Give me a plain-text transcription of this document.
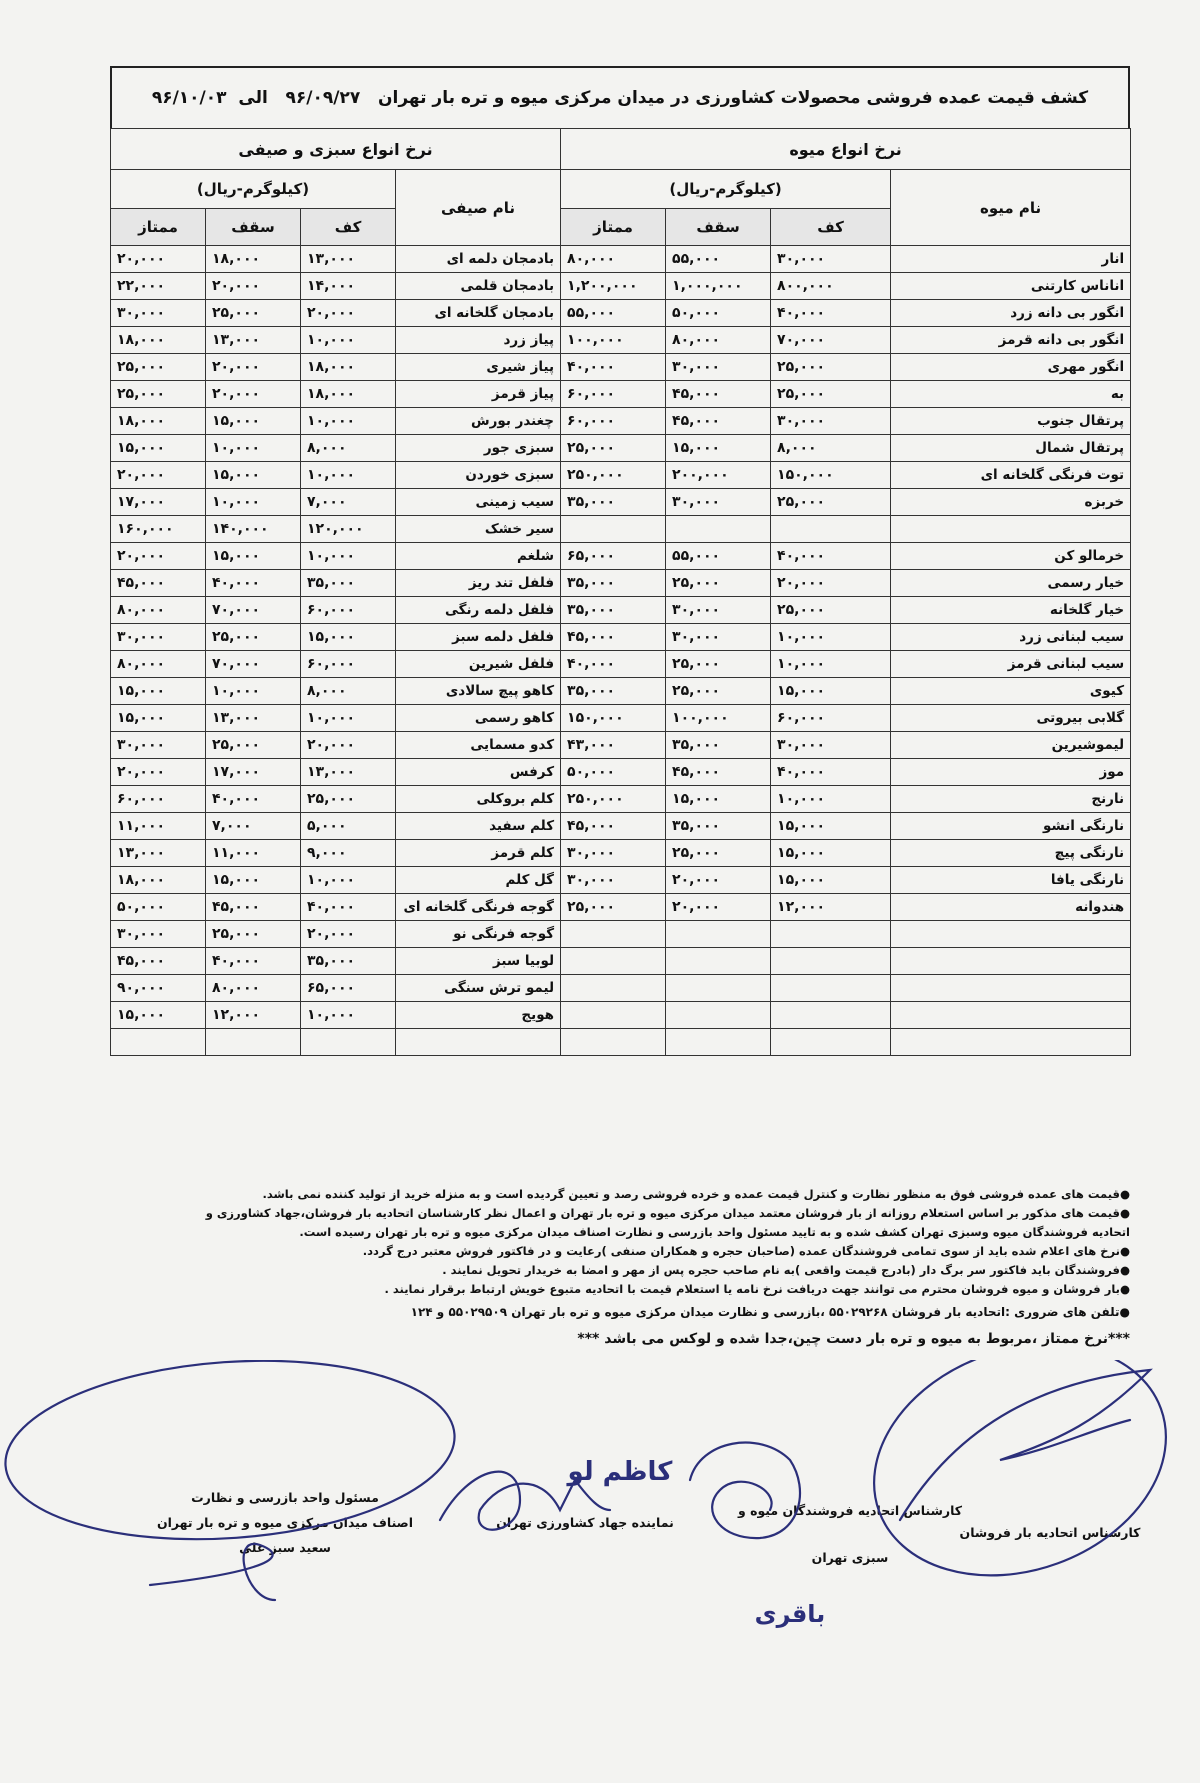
کشف قیمت عمده فروشی محصولات کشاورزی در میدان مرکزی میوه و تره بار تهران   ۹۶/۰۹/۲۷   الی  ۹۶/۱۰/۰۳
نرخ انواع سبزی و صیفی				نرخ انواع میوه			
(کیلوگرم-ریال)			نام صیفی	(کیلوگرم-ریال)			نام میوه
ممتاز	سقف	کف		ممتاز	سقف	کف	
۲۰,۰۰۰	۱۸,۰۰۰	۱۳,۰۰۰	بادمجان دلمه ای	۸۰,۰۰۰	۵۵,۰۰۰	۳۰,۰۰۰	انار
۲۲,۰۰۰	۲۰,۰۰۰	۱۴,۰۰۰	بادمجان قلمی	۱,۲۰۰,۰۰۰	۱,۰۰۰,۰۰۰	۸۰۰,۰۰۰	اناناس کارتنی
۳۰,۰۰۰	۲۵,۰۰۰	۲۰,۰۰۰	بادمجان گلخانه ای	۵۵,۰۰۰	۵۰,۰۰۰	۴۰,۰۰۰	انگور بی دانه زرد
۱۸,۰۰۰	۱۳,۰۰۰	۱۰,۰۰۰	پیاز زرد	۱۰۰,۰۰۰	۸۰,۰۰۰	۷۰,۰۰۰	انگور بی دانه قرمز
۲۵,۰۰۰	۲۰,۰۰۰	۱۸,۰۰۰	پیاز شیری	۴۰,۰۰۰	۳۰,۰۰۰	۲۵,۰۰۰	انگور مهری
۲۵,۰۰۰	۲۰,۰۰۰	۱۸,۰۰۰	پیاز قرمز	۶۰,۰۰۰	۴۵,۰۰۰	۲۵,۰۰۰	به
۱۸,۰۰۰	۱۵,۰۰۰	۱۰,۰۰۰	چغندر بورش	۶۰,۰۰۰	۴۵,۰۰۰	۳۰,۰۰۰	پرتقال جنوب
۱۵,۰۰۰	۱۰,۰۰۰	۸,۰۰۰	سبزی جور	۲۵,۰۰۰	۱۵,۰۰۰	۸,۰۰۰	پرتقال شمال
۲۰,۰۰۰	۱۵,۰۰۰	۱۰,۰۰۰	سبزی خوردن	۲۵۰,۰۰۰	۲۰۰,۰۰۰	۱۵۰,۰۰۰	توت فرنگی گلخانه ای
۱۷,۰۰۰	۱۰,۰۰۰	۷,۰۰۰	سیب زمینی	۳۵,۰۰۰	۳۰,۰۰۰	۲۵,۰۰۰	خربزه
۱۶۰,۰۰۰	۱۴۰,۰۰۰	۱۲۰,۰۰۰	سیر خشک				
۲۰,۰۰۰	۱۵,۰۰۰	۱۰,۰۰۰	شلغم	۶۵,۰۰۰	۵۵,۰۰۰	۴۰,۰۰۰	خرمالو کن
۴۵,۰۰۰	۴۰,۰۰۰	۳۵,۰۰۰	فلفل تند ریز	۳۵,۰۰۰	۲۵,۰۰۰	۲۰,۰۰۰	خیار رسمی
۸۰,۰۰۰	۷۰,۰۰۰	۶۰,۰۰۰	فلفل دلمه رنگی	۳۵,۰۰۰	۳۰,۰۰۰	۲۵,۰۰۰	خیار گلخانه
۳۰,۰۰۰	۲۵,۰۰۰	۱۵,۰۰۰	فلفل دلمه سبز	۴۵,۰۰۰	۳۰,۰۰۰	۱۰,۰۰۰	سیب لبنانی زرد
۸۰,۰۰۰	۷۰,۰۰۰	۶۰,۰۰۰	فلفل شیرین	۴۰,۰۰۰	۲۵,۰۰۰	۱۰,۰۰۰	سیب لبنانی قرمز
۱۵,۰۰۰	۱۰,۰۰۰	۸,۰۰۰	کاهو پیچ سالادی	۳۵,۰۰۰	۲۵,۰۰۰	۱۵,۰۰۰	کیوی
۱۵,۰۰۰	۱۳,۰۰۰	۱۰,۰۰۰	کاهو رسمی	۱۵۰,۰۰۰	۱۰۰,۰۰۰	۶۰,۰۰۰	گلابی بیروتی
۳۰,۰۰۰	۲۵,۰۰۰	۲۰,۰۰۰	کدو مسمایی	۴۳,۰۰۰	۳۵,۰۰۰	۳۰,۰۰۰	لیموشیرین
۲۰,۰۰۰	۱۷,۰۰۰	۱۳,۰۰۰	کرفس	۵۰,۰۰۰	۴۵,۰۰۰	۴۰,۰۰۰	موز
۶۰,۰۰۰	۴۰,۰۰۰	۲۵,۰۰۰	کلم بروکلی	۲۵۰,۰۰۰	۱۵,۰۰۰	۱۰,۰۰۰	نارنج
۱۱,۰۰۰	۷,۰۰۰	۵,۰۰۰	کلم سفید	۴۵,۰۰۰	۳۵,۰۰۰	۱۵,۰۰۰	نارنگی انشو
۱۳,۰۰۰	۱۱,۰۰۰	۹,۰۰۰	کلم قرمز	۳۰,۰۰۰	۲۵,۰۰۰	۱۵,۰۰۰	نارنگی پیچ
۱۸,۰۰۰	۱۵,۰۰۰	۱۰,۰۰۰	گل کلم	۳۰,۰۰۰	۲۰,۰۰۰	۱۵,۰۰۰	نارنگی یافا
۵۰,۰۰۰	۴۵,۰۰۰	۴۰,۰۰۰	گوجه فرنگی گلخانه ای	۲۵,۰۰۰	۲۰,۰۰۰	۱۲,۰۰۰	هندوانه
۳۰,۰۰۰	۲۵,۰۰۰	۲۰,۰۰۰	گوجه فرنگی نو				
۴۵,۰۰۰	۴۰,۰۰۰	۳۵,۰۰۰	لوبیا سبز				
۹۰,۰۰۰	۸۰,۰۰۰	۶۵,۰۰۰	لیمو ترش سنگی				
۱۵,۰۰۰	۱۲,۰۰۰	۱۰,۰۰۰	هویج				

●قیمت های عمده فروشی فوق به منظور نظارت و کنترل قیمت عمده و خرده فروشی رصد و تعیین گردیده است و به منزله خرید از تولید کننده نمی باشد.

●قیمت های مذکور بر اساس استعلام روزانه از بار فروشان معتمد میدان مرکزی میوه و تره بار تهران و اعمال نظر کارشناسان اتحادیه بار فروشان،جهاد کشاورزی و

اتحادیه فروشندگان میوه وسبزی تهران کشف شده و به تایید مسئول واحد بازرسی و نظارت اصناف میدان مرکزی میوه و تره بار تهران رسیده است.

●نرخ های اعلام شده باید از سوی تمامی فروشندگان عمده (صاحبان حجره و همکاران صنفی )رعایت و در فاکتور فروش معتبر درج گردد.

●فروشندگان باید فاکتور سر برگ دار (بادرج قیمت واقعی )به نام صاحب حجره پس از مهر و امضا به خریدار تحویل نمایند .

●بار فروشان و میوه فروشان محترم می توانند جهت دریافت نرخ نامه یا استعلام قیمت با اتحادیه متبوع خویش ارتباط برقرار نمایند .

●تلفن های ضروری :اتحادیه بار فروشان ۵۵۰۲۹۲۶۸ ،بازرسی و نظارت میدان مرکزی میوه و تره بار تهران ۵۵۰۲۹۵۰۹ و ۱۲۴

***نرخ ممتاز ،مربوط به میوه و تره بار دست چین،جدا شده و لوکس می باشد ***

مسئول واحد بازرسی و نظارت
اصناف میدان مرکزی میوه و تره بار تهران
سعید سبز علی
نماینده جهاد کشاورزی تهران
کارشناس اتحادیه فروشندگان میوه و
سبزی تهران
کارشناس اتحادیه بار فروشان
کاظم لو
باقری
